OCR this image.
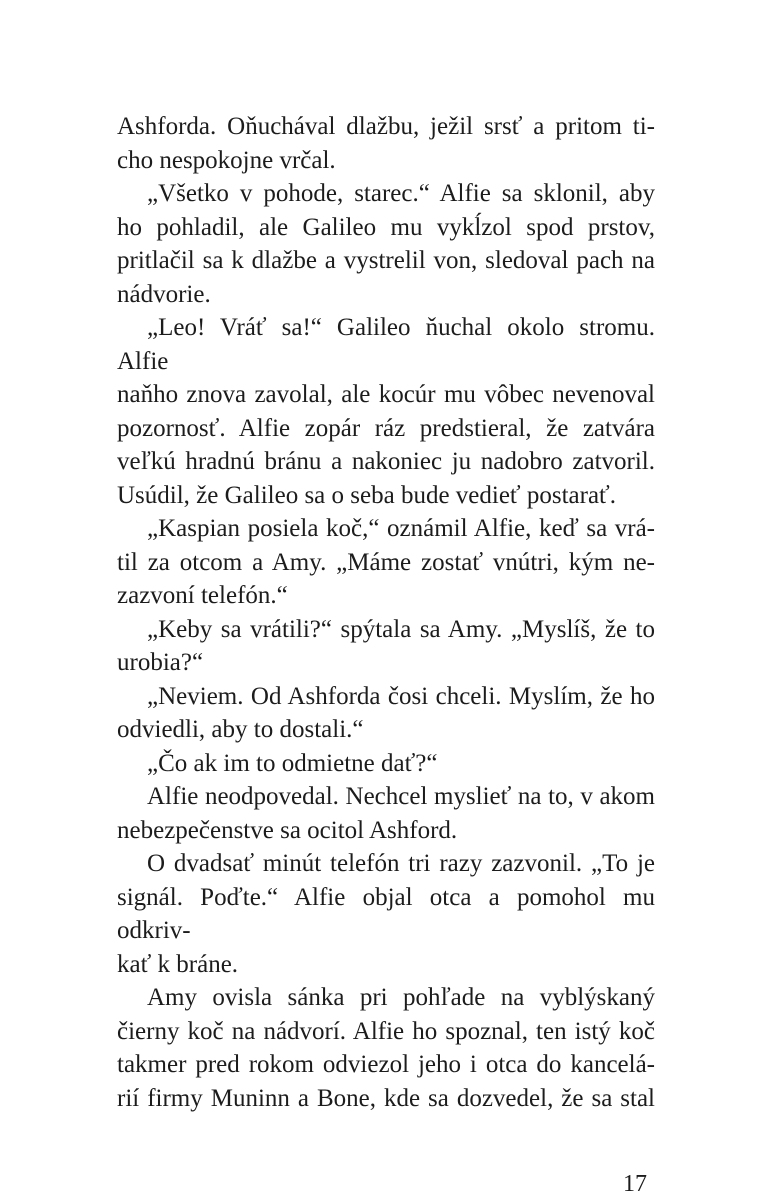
Ashforda. Oňuchával dlažbu, ježil srsť a pritom ti-
cho nespokojne vrčal.
„Všetko v pohode, starec.“ Alfie sa sklonil, aby
ho pohladil, ale Galileo mu vykĺzol spod prstov,
pritlačil sa k dlažbe a vystrelil von, sledoval pach na
nádvorie.
„Leo! Vráť sa!“ Galileo ňuchal okolo stromu. Alfie
naňho znova zavolal, ale kocúr mu vôbec nevenoval
pozornosť. Alfie zopár ráz predstieral, že zatvára
veľkú hradnú bránu a nakoniec ju nadobro zatvoril.
Usúdil, že Galileo sa o seba bude vedieť postarať.
„Kaspian posiela koč,“ oznámil Alfie, keď sa vrá-
til za otcom a Amy. „Máme zostať vnútri, kým ne-
zazvoní telefón.“
„Keby sa vrátili?“ spýtala sa Amy. „Myslíš, že to
urobia?“
„Neviem. Od Ashforda čosi chceli. Myslím, že ho
odviedli, aby to dostali.“
„Čo ak im to odmietne dať?“
Alfie neodpovedal. Nechcel myslieť na to, v akom
nebezpečenstve sa ocitol Ashford.
O dvadsať minút telefón tri razy zazvonil. „To je
signál. Poďte.“ Alfie objal otca a pomohol mu odkriv-
kať k bráne.
Amy ovisla sánka pri pohľade na vyblýskaný
čierny koč na nádvorí. Alfie ho spoznal, ten istý koč
takmer pred rokom odviezol jeho i otca do kancelá-
rií firmy Muninn a Bone, kde sa dozvedel, že sa stal
17
